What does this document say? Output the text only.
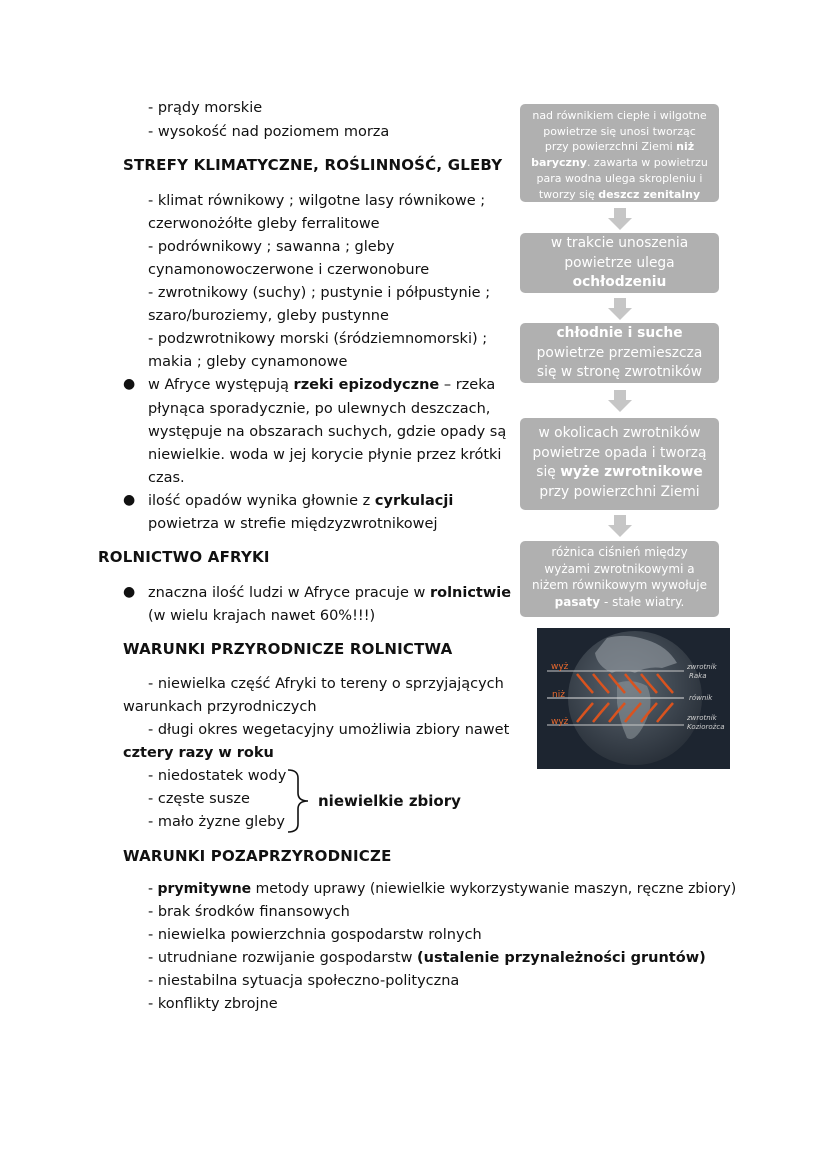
- prądy morskie
- wysokość nad poziomem morza
STREFY KLIMATYCZNE, ROŚLINNOŚĆ, GLEBY
- klimat równikowy ; wilgotne lasy równikowe ;
czerwonożółte gleby ferralitowe
- podrównikowy ; sawanna ; gleby
cynamonowoczerwone i czerwonobure
- zwrotnikowy (suchy) ; pustynie i półpustynie ;
szaro/buroziemy, gleby pustynne
- podzwrotnikowy morski (śródziemnomorski) ;
makia ; gleby cynamonowe
● w Afryce występują rzeki epizodyczne – rzeka
płynąca sporadycznie, po ulewnych deszczach,
występuje na obszarach suchych, gdzie opady są
niewielkie. woda w jej korycie płynie przez krótki
czas.
● ilość opadów wynika głownie z cyrkulacji
powietrza w strefie międzyzwrotnikowej
ROLNICTWO AFRYKI
● znaczna ilość ludzi w Afryce pracuje w rolnictwie
(w wielu krajach nawet 60%!!!)
WARUNKI PRZYRODNICZE ROLNICTWA
- niewielka część Afryki to tereny o sprzyjających
warunkach przyrodniczych
- długi okres wegetacyjny umożliwia zbiory nawet
cztery razy w roku
- niedostatek wody
- częste susze
- mało żyzne gleby
niewielkie zbiory
WARUNKI POZAPRZYRODNICZE
- prymitywne metody uprawy (niewielkie wykorzystywanie maszyn, ręczne zbiory)
- brak środków finansowych
- niewielka powierzchnia gospodarstw rolnych
- utrudniane rozwijanie gospodarstw (ustalenie przynależności gruntów)
- niestabilna sytuacja społeczno-polityczna
- konflikty zbrojne
nad równikiem ciepłe i wilgotne
powietrze się unosi tworząc
przy powierzchni Ziemi niż
baryczny. zawarta w powietrzu
para wodna ulega skropleniu i
tworzy się deszcz zenitalny
w trakcie unoszenia
powietrze ulega
ochłodzeniu
chłodnie i suche
powietrze przemieszcza
się w stronę zwrotników
w okolicach zwrotników
powietrze opada i tworzą
się wyże zwrotnikowe
przy powierzchni Ziemi
różnica ciśnień między
wyżami zwrotnikowymi a
niżem równikowym wywołuje
pasaty - stałe wiatry.
wyż
niż
wyż
zwrotnik
Raka
równik
zwrotnik
Koziorożca
